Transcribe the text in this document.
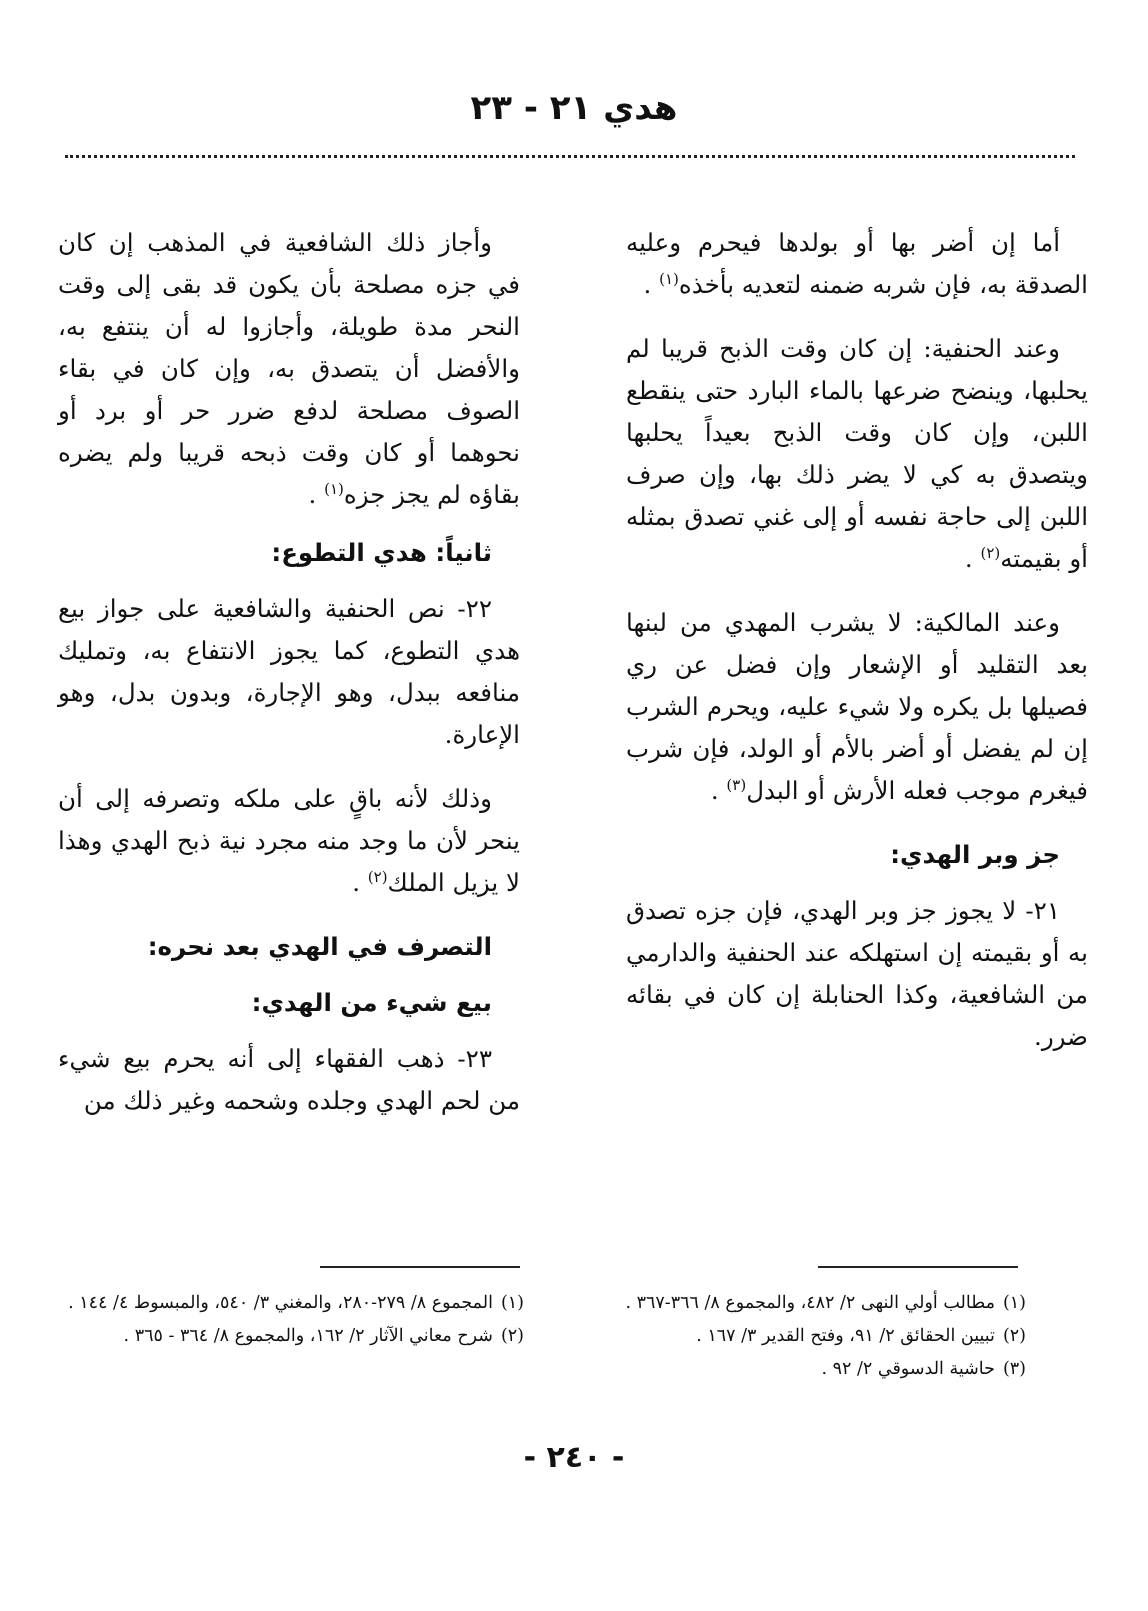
هدي ٢١ - ٢٣

أما إن أضر بها أو بولدها فيحرم وعليه الصدقة به، فإن شربه ضمنه لتعديه بأخذه$^{(١)}$ .

وعند الحنفية: إن كان وقت الذبح قريبا لم يحلبها، وينضح ضرعها بالماء البارد حتى ينقطع اللبن، وإن كان وقت الذبح بعيداً يحلبها ويتصدق به كي لا يضر ذلك بها، وإن صرف اللبن إلى حاجة نفسه أو إلى غني تصدق بمثله أو بقيمته$^{(٢)}$ .

وعند المالكية: لا يشرب المهدي من لبنها بعد التقليد أو الإشعار وإن فضل عن ري فصيلها بل يكره ولا شيء عليه، ويحرم الشرب إن لم يفضل أو أضر بالأم أو الولد، فإن شرب فيغرم موجب فعله الأرش أو البدل$^{(٣)}$ .

جز وبر الهدي:

٢١- لا يجوز جز وبر الهدي، فإن جزه تصدق به أو بقيمته إن استهلكه عند الحنفية والدارمي من الشافعية، وكذا الحنابلة إن كان في بقائه ضرر.

وأجاز ذلك الشافعية في المذهب إن كان في جزه مصلحة بأن يكون قد بقى إلى وقت النحر مدة طويلة، وأجازوا له أن ينتفع به، والأفضل أن يتصدق به، وإن كان في بقاء الصوف مصلحة لدفع ضرر حر أو برد أو نحوهما أو كان وقت ذبحه قريبا ولم يضره بقاؤه لم يجز جزه$^{(١)}$ .

ثانياً: هدي التطوع:

٢٢- نص الحنفية والشافعية على جواز بيع هدي التطوع، كما يجوز الانتفاع به، وتمليك منافعه ببدل، وهو الإجارة، وبدون بدل، وهو الإعارة.

وذلك لأنه باقٍ على ملكه وتصرفه إلى أن ينحر لأن ما وجد منه مجرد نية ذبح الهدي وهذا لا يزيل الملك$^{(٢)}$ .

التصرف في الهدي بعد نحره:
بيع شيء من الهدي:

٢٣- ذهب الفقهاء إلى أنه يحرم بيع شيء من لحم الهدي وجلده وشحمه وغير ذلك من

(١)مطالب أولي النهى ٢/ ٤٨٢، والمجموع ٨/ ٣٦٦-٣٦٧ .
(٢)تبيين الحقائق ٢/ ٩١، وفتح القدير ٣/ ١٦٧ .
(٣)حاشية الدسوقي ٢/ ٩٢ .
(١)المجموع ٨/ ٢٧٩-٢٨٠، والمغني ٣/ ٥٤٠، والمبسوط ٤/ ١٤٤ .
(٢)شرح معاني الآثار ٢/ ١٦٢، والمجموع ٨/ ٣٦٤ - ٣٦٥ .
- ٢٤٠ -
